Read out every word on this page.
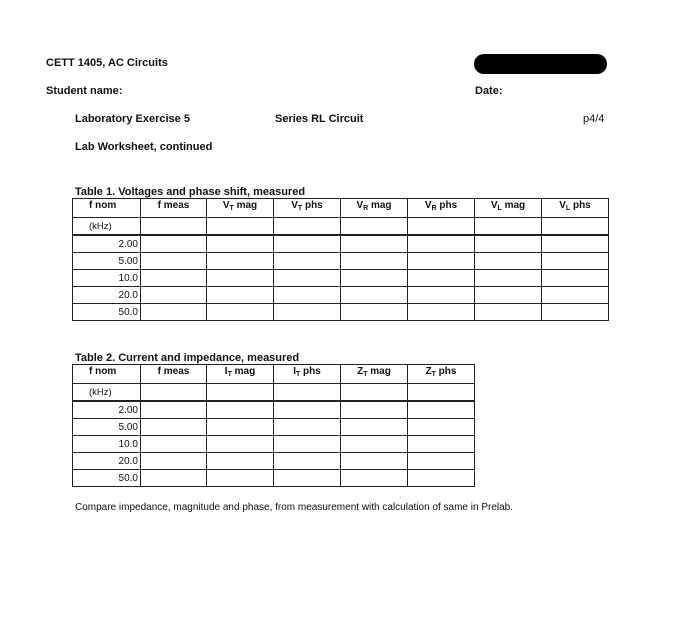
CETT 1405, AC Circuits
Student name:	Date:
Laboratory Exercise 5	Series RL Circuit	p4/4
Lab Worksheet, continued
Table 1. Voltages and phase shift, measured
f nom	f meas	$V_T$ mag	$V_T$ phs	$V_R$ mag	$V_R$ phs	$V_L$ mag	$V_L$ phs
(kHz)							
2.00							
5.00							
10.0							
20.0							
50.0							
Table 2. Current and impedance, measured
f nom	f meas	$I_T$ mag	$I_T$ phs	$Z_T$ mag	$Z_T$ phs
(kHz)					
2.00					
5.00					
10.0					
20.0					
50.0					
Compare impedance, magnitude and phase, from measurement with calculation of same in Prelab.
